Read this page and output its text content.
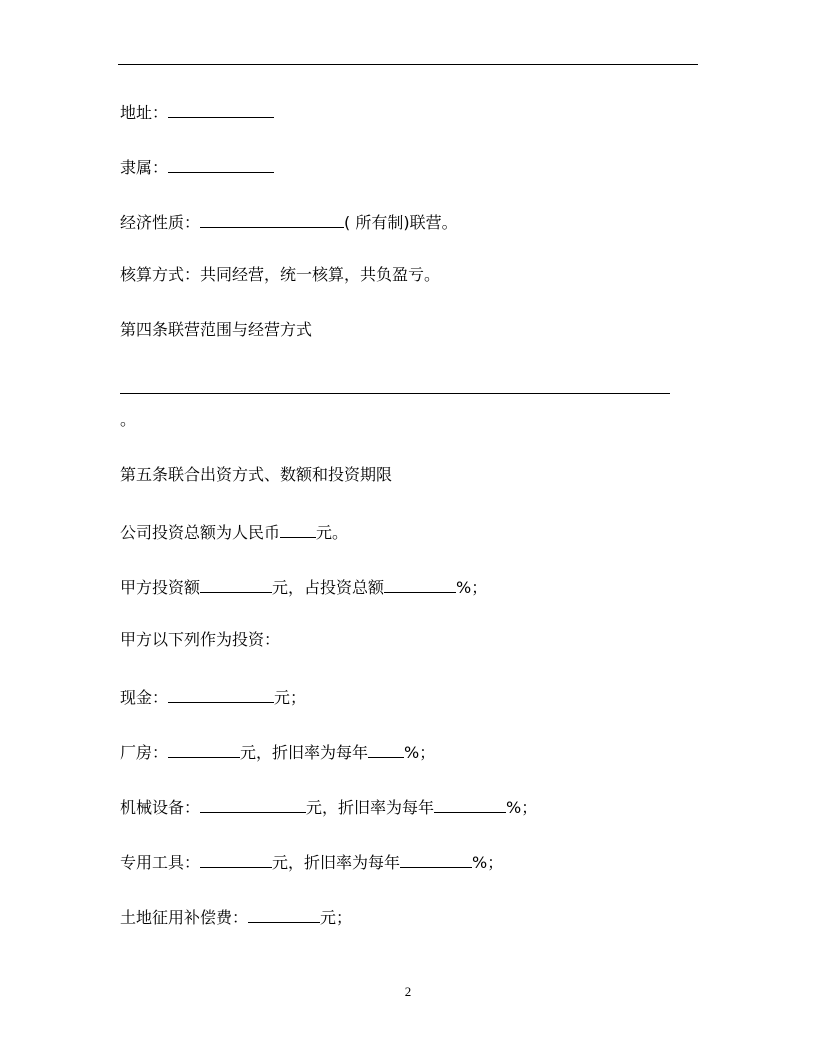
地址：
隶属：
经济性质：	( 所有制)联营。
核算方式：共同经营，统一核算，共负盈亏。
第四条联营范围与经营方式
。
第五条联合出资方式、数额和投资期限
公司投资总额为人民币 元。
甲方投资额	元，占投资总额	%；
甲方以下列作为投资：
现金：	元；
厂房：	元，折旧率为每年 %；
机械设备：	元，折旧率为每年	%；
专用工具：	元，折旧率为每年	%；
土地征用补偿费：	元；
2
